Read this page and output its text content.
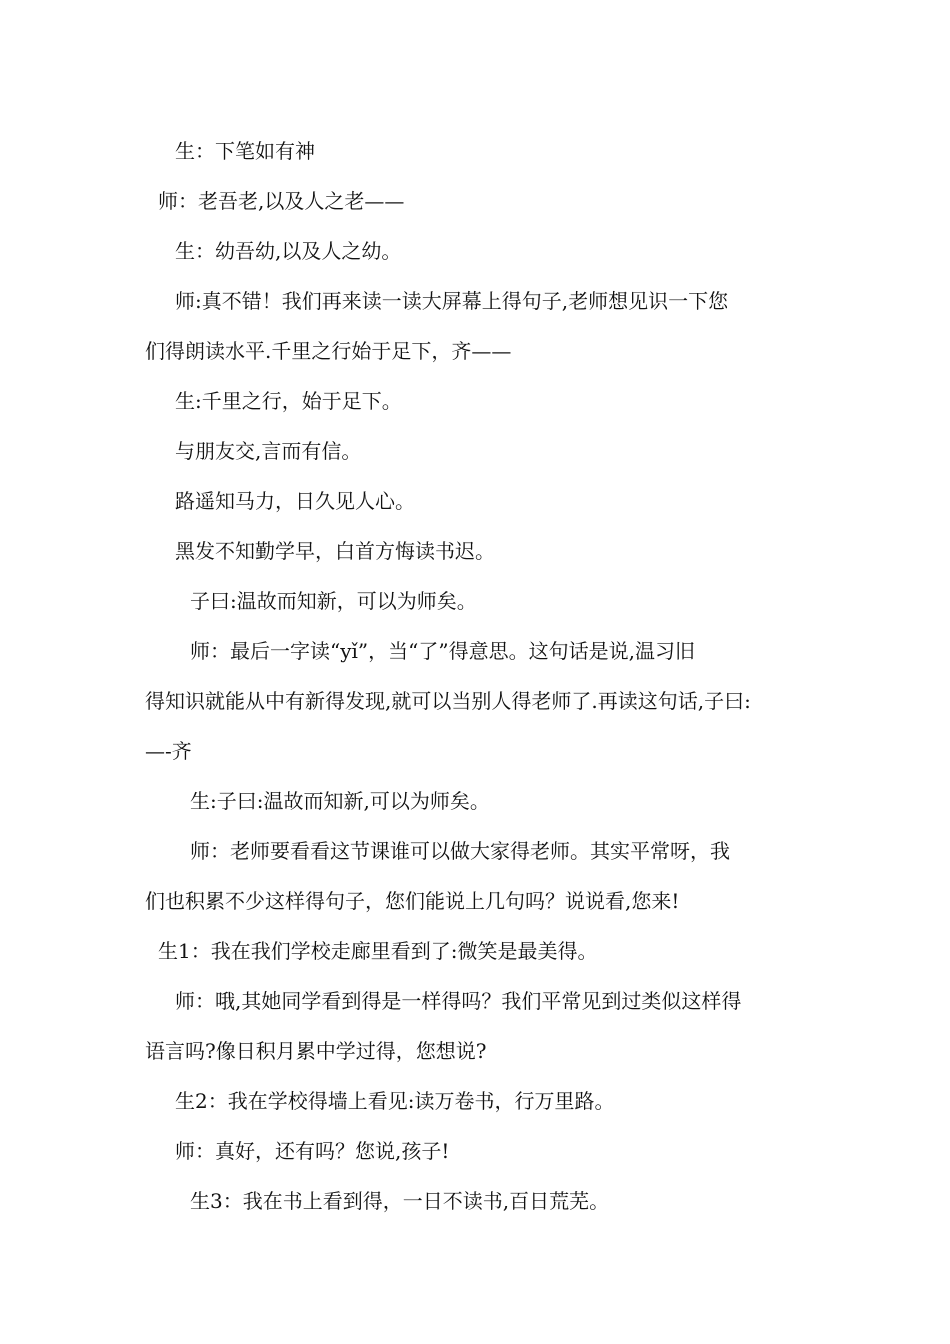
生：下笔如有神
师：老吾老,以及人之老——
生：幼吾幼,以及人之幼。
师:真不错！我们再来读一读大屏幕上得句子,老师想见识一下您
们得朗读水平.千里之行始于足下，齐——
生:千里之行，始于足下。
与朋友交,言而有信。
路遥知马力，日久见人心。
黑发不知勤学早，白首方悔读书迟。
子曰:温故而知新，可以为师矣。
师：最后一字读“yǐ”，当“了”得意思。这句话是说,温习旧
得知识就能从中有新得发现,就可以当别人得老师了.再读这句话,子曰:
—-齐
生:子曰:温故而知新,可以为师矣。
师：老师要看看这节课谁可以做大家得老师。其实平常呀，我
们也积累不少这样得句子，您们能说上几句吗？说说看,您来!
生1：我在我们学校走廊里看到了:微笑是最美得。
师：哦,其她同学看到得是一样得吗？我们平常见到过类似这样得
语言吗?像日积月累中学过得，您想说?
生2：我在学校得墙上看见:读万卷书，行万里路。
师：真好，还有吗？您说,孩子!
生3：我在书上看到得，一日不读书,百日荒芜。
